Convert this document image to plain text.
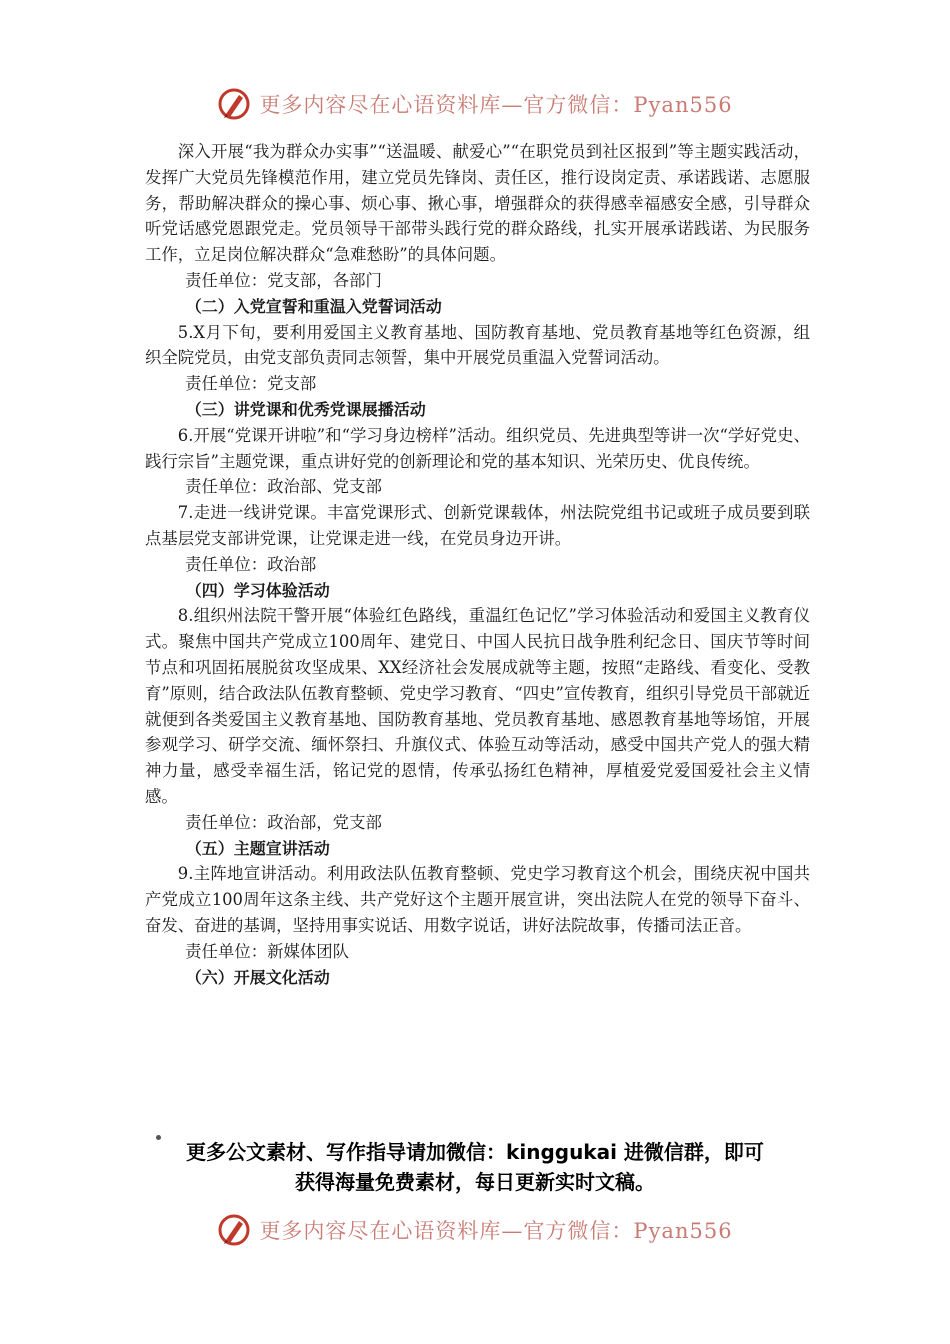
更多内容尽在心语资料库—官方微信：Pyan556

深入开展“我为群众办实事”“送温暖、献爱心”“在职党员到社区报到”等主题实践活动，发挥广大党员先锋模范作用，建立党员先锋岗、责任区，推行设岗定责、承诺践诺、志愿服务，帮助解决群众的操心事、烦心事、揪心事，增强群众的获得感幸福感安全感，引导群众听党话感党恩跟党走。党员领导干部带头践行党的群众路线，扎实开展承诺践诺、为民服务工作，立足岗位解决群众“急难愁盼”的具体问题。

责任单位：党支部，各部门

（二）入党宣誓和重温入党誓词活动

5.X月下旬，要利用爱国主义教育基地、国防教育基地、党员教育基地等红色资源，组织全院党员，由党支部负责同志领誓，集中开展党员重温入党誓词活动。

责任单位：党支部

（三）讲党课和优秀党课展播活动

6.开展“党课开讲啦”和“学习身边榜样”活动。组织党员、先进典型等讲一次“学好党史、践行宗旨”主题党课，重点讲好党的创新理论和党的基本知识、光荣历史、优良传统。

责任单位：政治部、党支部

7.走进一线讲党课。丰富党课形式、创新党课载体，州法院党组书记或班子成员要到联点基层党支部讲党课，让党课走进一线，在党员身边开讲。

责任单位：政治部

（四）学习体验活动

8.组织州法院干警开展“体验红色路线，重温红色记忆”学习体验活动和爱国主义教育仪式。聚焦中国共产党成立100周年、建党日、中国人民抗日战争胜利纪念日、国庆节等时间节点和巩固拓展脱贫攻坚成果、XX经济社会发展成就等主题，按照“走路线、看变化、受教育”原则，结合政法队伍教育整顿、党史学习教育、“四史”宣传教育，组织引导党员干部就近就便到各类爱国主义教育基地、国防教育基地、党员教育基地、感恩教育基地等场馆，开展参观学习、研学交流、缅怀祭扫、升旗仪式、体验互动等活动，感受中国共产党人的强大精神力量，感受幸福生活，铭记党的恩情，传承弘扬红色精神，厚植爱党爱国爱社会主义情感。

责任单位：政治部，党支部

（五）主题宣讲活动

9.主阵地宣讲活动。利用政法队伍教育整顿、党史学习教育这个机会，围绕庆祝中国共产党成立100周年这条主线、共产党好这个主题开展宣讲，突出法院人在党的领导下奋斗、奋发、奋进的基调，坚持用事实说话、用数字说话，讲好法院故事，传播司法正音。

责任单位：新媒体团队

（六）开展文化活动

更多公文素材、写作指导请加微信：kinggukai 进微信群，即可
获得海量免费素材，每日更新实时文稿。
更多内容尽在心语资料库—官方微信：Pyan556
